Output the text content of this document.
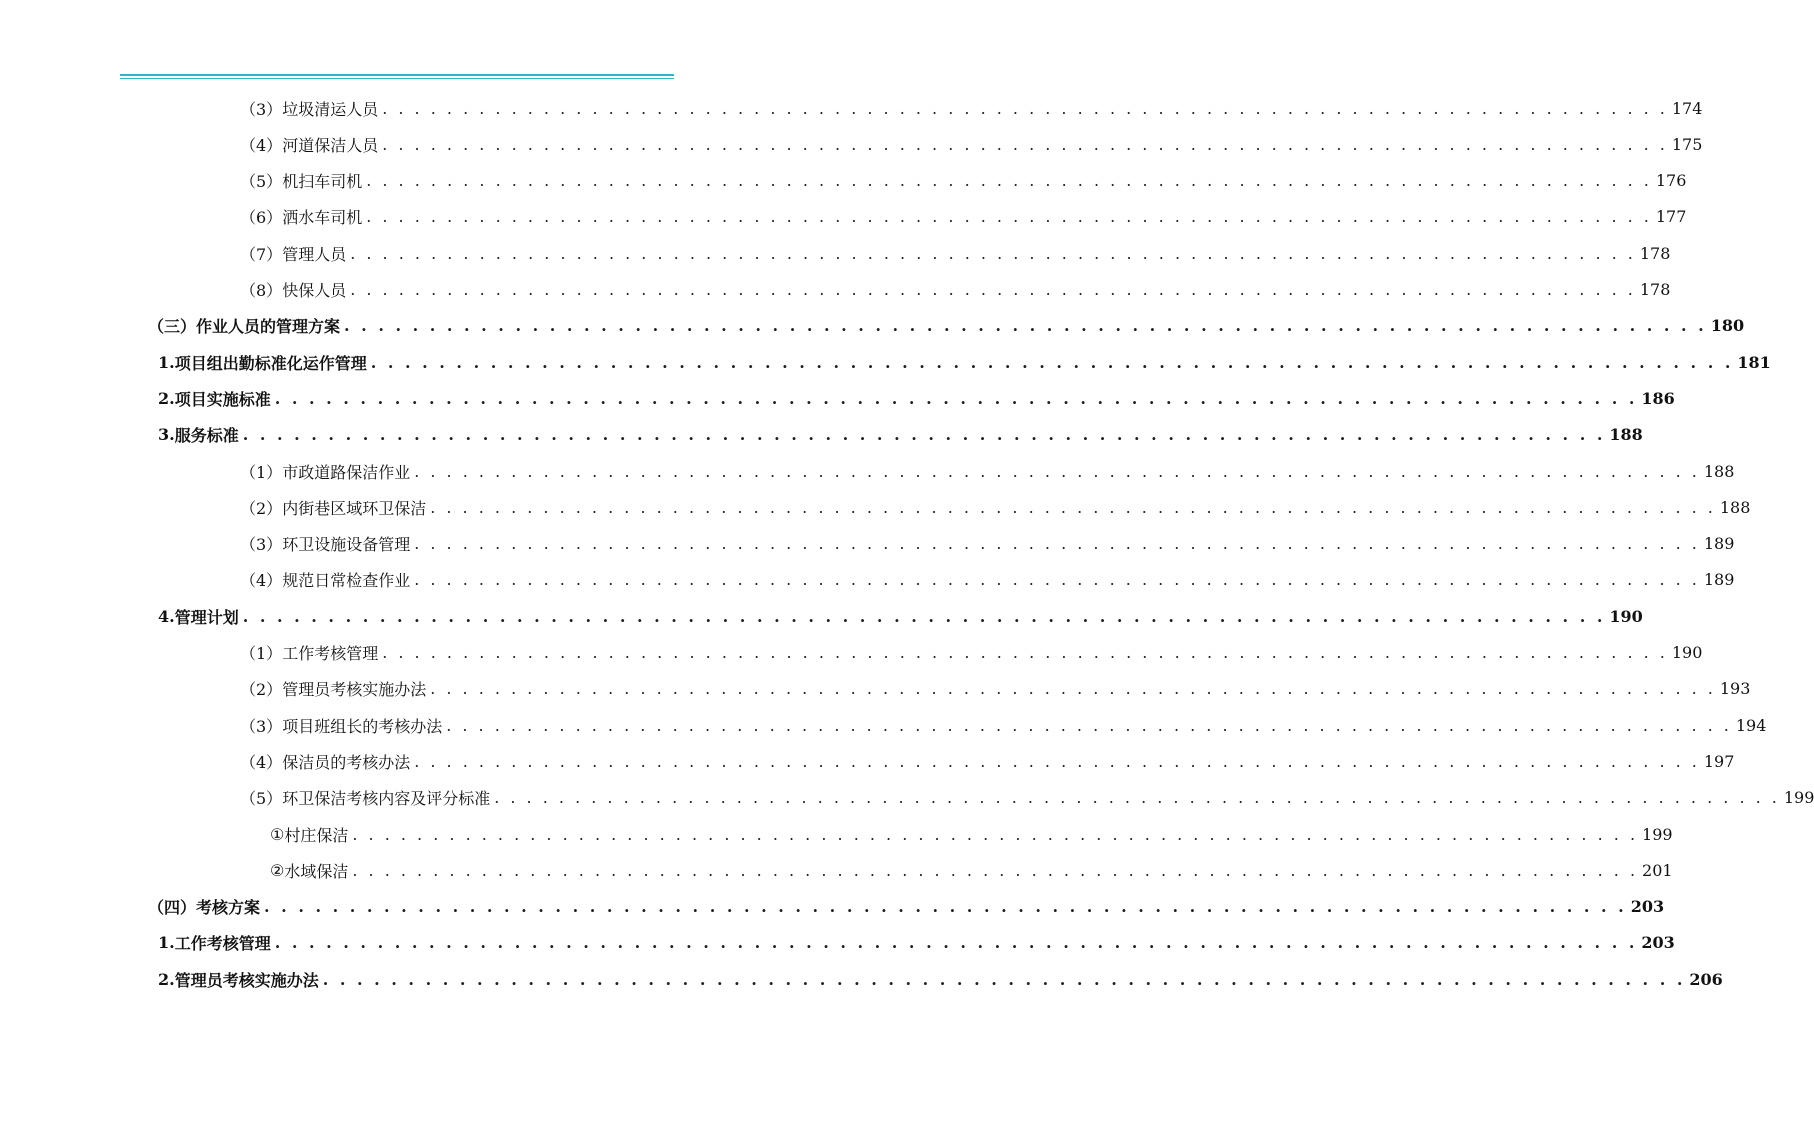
（3） 垃圾清运人员 . . . . . . . . . . . . . . . . . . . . . . . . . . . . . . . . . . . . . . . . . . . . . . . . . . . . . . . . . . . . . . . . . . . . . . . . . . . . . . . . 174
（4） 河道保洁人员 . . . . . . . . . . . . . . . . . . . . . . . . . . . . . . . . . . . . . . . . . . . . . . . . . . . . . . . . . . . . . . . . . . . . . . . . . . . . . . . . 175
（5） 机扫车司机 . . . . . . . . . . . . . . . . . . . . . . . . . . . . . . . . . . . . . . . . . . . . . . . . . . . . . . . . . . . . . . . . . . . . . . . . . . . . . . . . 176
（6） 洒水车司机 . . . . . . . . . . . . . . . . . . . . . . . . . . . . . . . . . . . . . . . . . . . . . . . . . . . . . . . . . . . . . . . . . . . . . . . . . . . . . . . . 177
（7） 管理人员 . . . . . . . . . . . . . . . . . . . . . . . . . . . . . . . . . . . . . . . . . . . . . . . . . . . . . . . . . . . . . . . . . . . . . . . . . . . . . . . . 178
（8） 快保人员 . . . . . . . . . . . . . . . . . . . . . . . . . . . . . . . . . . . . . . . . . . . . . . . . . . . . . . . . . . . . . . . . . . . . . . . . . . . . . . . . 178
（三） 作业人员的管理方案 . . . . . . . . . . . . . . . . . . . . . . . . . . . . . . . . . . . . . . . . . . . . . . . . . . . . . . . . . . . . . . . . . . . . . . . . . . . . . . . . 180
1. 项目组出勤标准化运作管理 . . . . . . . . . . . . . . . . . . . . . . . . . . . . . . . . . . . . . . . . . . . . . . . . . . . . . . . . . . . . . . . . . . . . . . . . . . . . . . . . 181
2. 项目实施标准 . . . . . . . . . . . . . . . . . . . . . . . . . . . . . . . . . . . . . . . . . . . . . . . . . . . . . . . . . . . . . . . . . . . . . . . . . . . . . . . . 186
3. 服务标准 . . . . . . . . . . . . . . . . . . . . . . . . . . . . . . . . . . . . . . . . . . . . . . . . . . . . . . . . . . . . . . . . . . . . . . . . . . . . . . . . 188
（1） 市政道路保洁作业 . . . . . . . . . . . . . . . . . . . . . . . . . . . . . . . . . . . . . . . . . . . . . . . . . . . . . . . . . . . . . . . . . . . . . . . . . . . . . . . . 188
（2） 内街巷区域环卫保洁 . . . . . . . . . . . . . . . . . . . . . . . . . . . . . . . . . . . . . . . . . . . . . . . . . . . . . . . . . . . . . . . . . . . . . . . . . . . . . . . . 188
（3） 环卫设施设备管理 . . . . . . . . . . . . . . . . . . . . . . . . . . . . . . . . . . . . . . . . . . . . . . . . . . . . . . . . . . . . . . . . . . . . . . . . . . . . . . . . 189
（4） 规范日常检查作业 . . . . . . . . . . . . . . . . . . . . . . . . . . . . . . . . . . . . . . . . . . . . . . . . . . . . . . . . . . . . . . . . . . . . . . . . . . . . . . . . 189
4. 管理计划 . . . . . . . . . . . . . . . . . . . . . . . . . . . . . . . . . . . . . . . . . . . . . . . . . . . . . . . . . . . . . . . . . . . . . . . . . . . . . . . . 190
（1） 工作考核管理 . . . . . . . . . . . . . . . . . . . . . . . . . . . . . . . . . . . . . . . . . . . . . . . . . . . . . . . . . . . . . . . . . . . . . . . . . . . . . . . . 190
（2） 管理员考核实施办法 . . . . . . . . . . . . . . . . . . . . . . . . . . . . . . . . . . . . . . . . . . . . . . . . . . . . . . . . . . . . . . . . . . . . . . . . . . . . . . . . 193
（3） 项目班组长的考核办法 . . . . . . . . . . . . . . . . . . . . . . . . . . . . . . . . . . . . . . . . . . . . . . . . . . . . . . . . . . . . . . . . . . . . . . . . . . . . . . . . 194
（4） 保洁员的考核办法 . . . . . . . . . . . . . . . . . . . . . . . . . . . . . . . . . . . . . . . . . . . . . . . . . . . . . . . . . . . . . . . . . . . . . . . . . . . . . . . . 197
（5） 环卫保洁考核内容及评分标准 . . . . . . . . . . . . . . . . . . . . . . . . . . . . . . . . . . . . . . . . . . . . . . . . . . . . . . . . . . . . . . . . . . . . . . . . . . . . . . . . 199
① 村庄保洁 . . . . . . . . . . . . . . . . . . . . . . . . . . . . . . . . . . . . . . . . . . . . . . . . . . . . . . . . . . . . . . . . . . . . . . . . . . . . . . . . 199
② 水域保洁 . . . . . . . . . . . . . . . . . . . . . . . . . . . . . . . . . . . . . . . . . . . . . . . . . . . . . . . . . . . . . . . . . . . . . . . . . . . . . . . . 201
（四） 考核方案 . . . . . . . . . . . . . . . . . . . . . . . . . . . . . . . . . . . . . . . . . . . . . . . . . . . . . . . . . . . . . . . . . . . . . . . . . . . . . . . . 203
1. 工作考核管理 . . . . . . . . . . . . . . . . . . . . . . . . . . . . . . . . . . . . . . . . . . . . . . . . . . . . . . . . . . . . . . . . . . . . . . . . . . . . . . . . 203
2. 管理员考核实施办法 . . . . . . . . . . . . . . . . . . . . . . . . . . . . . . . . . . . . . . . . . . . . . . . . . . . . . . . . . . . . . . . . . . . . . . . . . . . . . . . . 206
